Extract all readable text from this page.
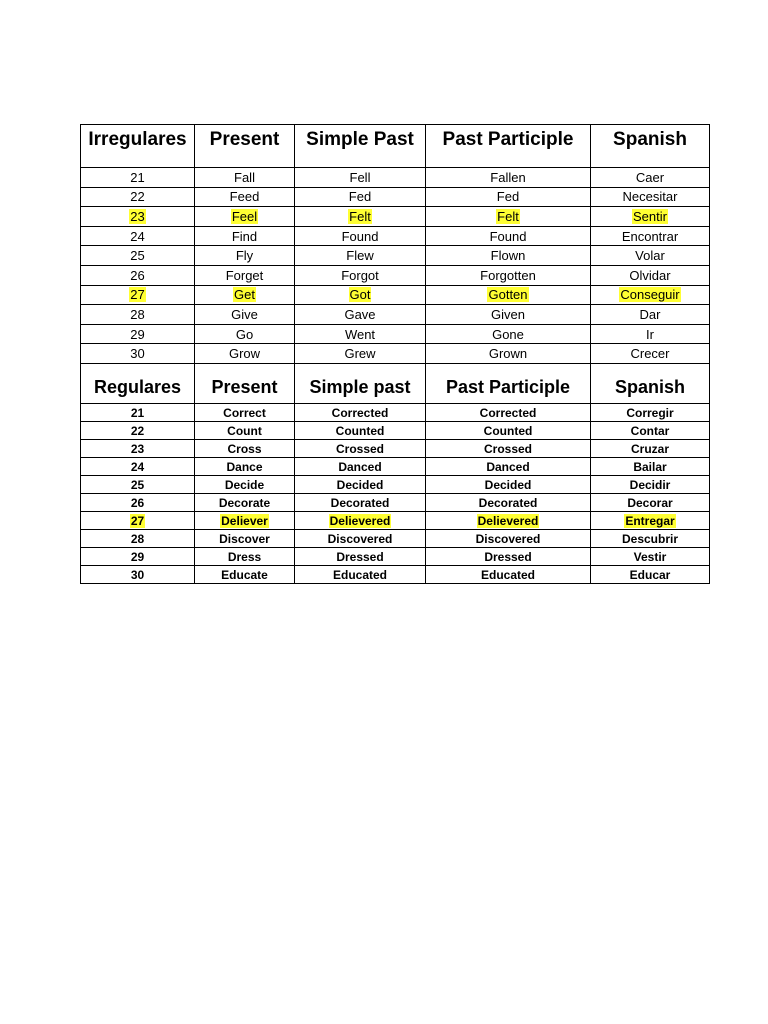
Irregulares	Present	Simple Past	Past Participle	Spanish
21	Fall	Fell	Fallen	Caer
22	Feed	Fed	Fed	Necesitar
23	Feel	Felt	Felt	Sentir
24	Find	Found	Found	Encontrar
25	Fly	Flew	Flown	Volar
26	Forget	Forgot	Forgotten	Olvidar
27	Get	Got	Gotten	Conseguir
28	Give	Gave	Given	Dar
29	Go	Went	Gone	Ir
30	Grow	Grew	Grown	Crecer
Regulares	Present	Simple past	Past Participle	Spanish
21	Correct	Corrected	Corrected	Corregir
22	Count	Counted	Counted	Contar
23	Cross	Crossed	Crossed	Cruzar
24	Dance	Danced	Danced	Bailar
25	Decide	Decided	Decided	Decidir
26	Decorate	Decorated	Decorated	Decorar
27	Deliever	Delievered	Delievered	Entregar
28	Discover	Discovered	Discovered	Descubrir
29	Dress	Dressed	Dressed	Vestir
30	Educate	Educated	Educated	Educar
